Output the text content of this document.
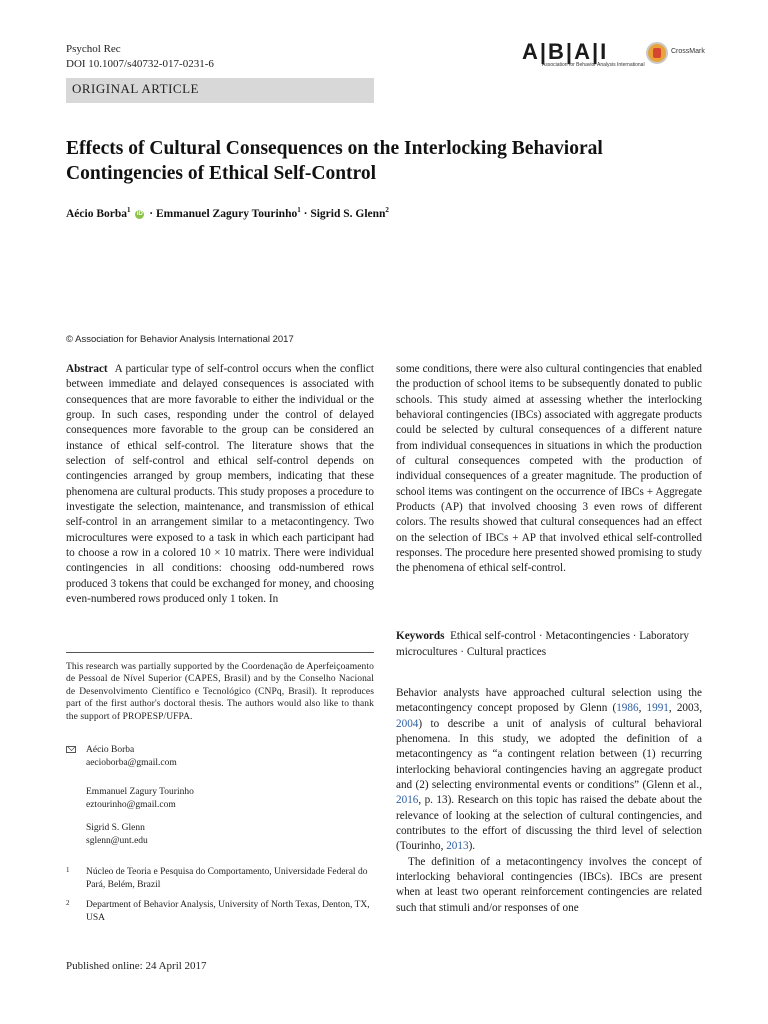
Psychol Rec
DOI 10.1007/s40732-017-0231-6	A|B|A|I
Association for Behavior Analysis International
CrossMark
ORIGINAL ARTICLE
Effects of Cultural Consequences on the Interlocking Behavioral Contingencies of Ethical Self-Control
Aécio Borba$^1$ iD · Emmanuel Zagury Tourinho$^1$ · Sigrid S. Glenn$^2$
© Association for Behavior Analysis International 2017

Abstract A particular type of self-control occurs when the conflict between immediate and delayed consequences is associated with consequences that are more favorable to either the individual or the group. In such cases, responding under the control of delayed consequences more favorable to the group can be considered an instance of ethical self-control. The literature shows that the selection of self-control and ethical self-control depends on contingencies arranged by group members, indicating that these phenomena are cultural products. This study proposes a procedure to investigate the selection, maintenance, and transmission of ethical self-control in an arrangement similar to a metacontingency. Two microcultures were exposed to a task in which each participant had to choose a row in a colored 10 × 10 matrix. There were individual contingencies in all conditions: choosing odd-numbered rows produced 3 tokens that could be exchanged for money, and choosing even-numbered rows produced only 1 token. In

some conditions, there were also cultural contingencies that enabled the production of school items to be subsequently donated to public schools. This study aimed at assessing whether the interlocking behavioral contingencies (IBCs) associated with aggregate products could be selected by cultural consequences of a different nature from individual consequences in situations in which the production of cultural consequences competed with the production of individual consequences of a greater magnitude. The production of school items was contingent on the occurrence of IBCs + Aggregate Products (AP) that involved choosing 3 even rows of different colors. The results showed that cultural consequences had an effect on the selection of IBCs + AP that involved ethical self-controlled responses. The procedure here presented showed promising to study the phenomena of ethical self-control.

Keywords Ethical self-control · Metacontingencies · Laboratory microcultures · Cultural practices
This research was partially supported by the Coordenação de Aperfeiçoamento de Pessoal de Nível Superior (CAPES, Brasil) and by the Conselho Nacional de Desenvolvimento Científico e Tecnológico (CNPq, Brasil). It reproduces part of the first author's doctoral thesis. The authors would also like to thank the support of PROPESP/UFPA.
Aécio Borba
aecioborba@gmail.com
Emmanuel Zagury Tourinho
eztourinho@gmail.com
Sigrid S. Glenn
sglenn@unt.edu
1 Núcleo de Teoria e Pesquisa do Comportamento, Universidade Federal do Pará, Belém, Brazil
2 Department of Behavior Analysis, University of North Texas, Denton, TX, USA
Published online: 24 April 2017

Behavior analysts have approached cultural selection using the metacontingency concept proposed by Glenn (1986, 1991, 2003, 2004) to describe a unit of analysis of cultural behavioral phenomena. In this study, we adopted the definition of a metacontingency as “a contingent relation between (1) recurring interlocking behavioral contingencies having an aggregate product and (2) selecting environmental events or conditions” (Glenn et al., 2016, p. 13). Research on this topic has raised the debate about the relevance of looking at the selection of cultural contingencies, and contributes to the effort of discussing the third level of selection (Tourinho, 2013).

The definition of a metacontingency involves the concept of interlocking behavioral contingencies (IBCs). IBCs are present when at least two operant reinforcement contingencies are related such that stimuli and/or responses of one
